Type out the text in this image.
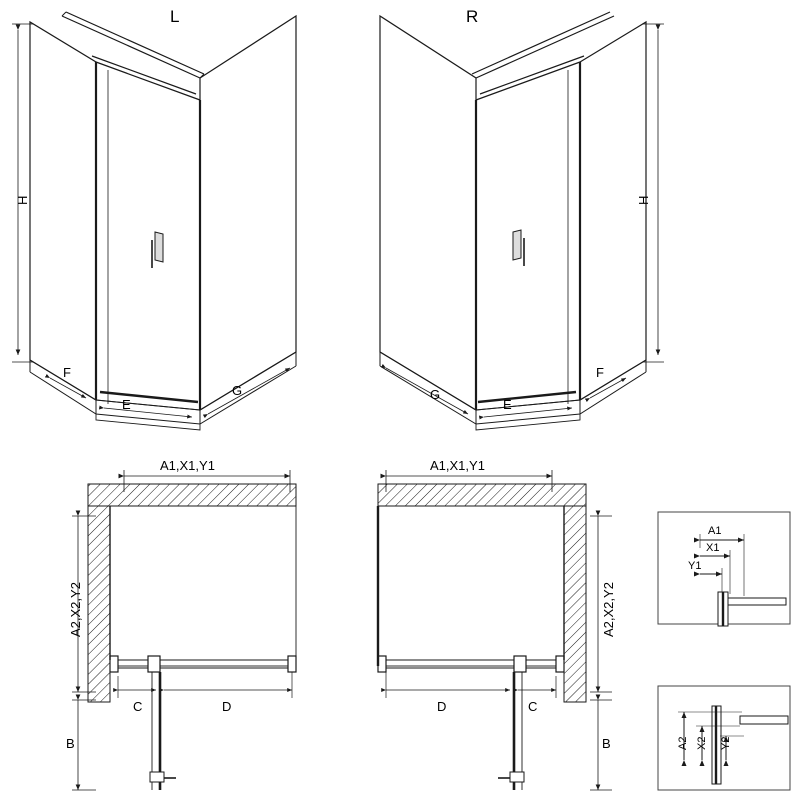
L	R
H	H
F
E
G	G
E
F
A1,X1,Y1
A2,X2,Y2
B
C	D
A1,X1,Y1
A2,X2,Y2
B
D	C
A1
X1
Y1
A2 X2 Y2
